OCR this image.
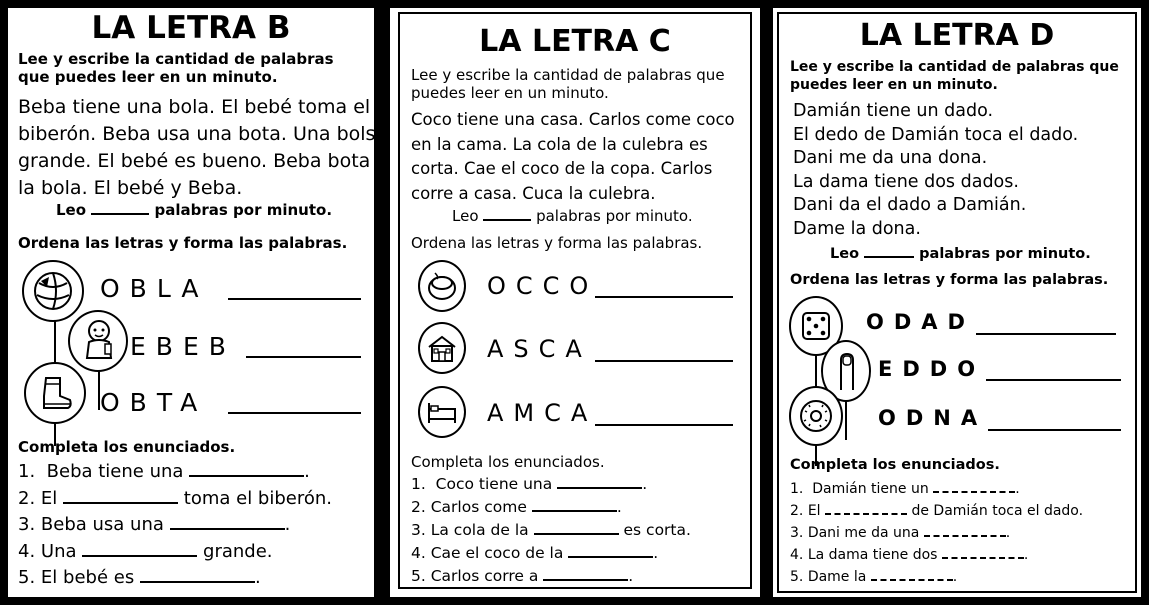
LA LETRA B
Lee y escribe la cantidad de palabras que puedes leer en un minuto.
Beba tiene una bola. El bebé toma el
biberón. Beba usa una bota. Una bolsa
grande. El bebé es bueno. Beba bota
la bola. El bebé y Beba.
Leo	palabras por minuto.
Ordena las letras y forma las palabras.
OBLA
EBEB
OBTA
Completa los enunciados.
1. Beba tiene una	.
2. El	toma el biberón.
3. Beba usa una	.
4. Una	grande.
5. El bebé es	.
LA LETRA C
Lee y escribe la cantidad de palabras que
puedes leer en un minuto.
Coco tiene una casa. Carlos come coco
en la cama. La cola de la culebra es
corta. Cae el coco de la copa. Carlos
corre a casa. Cuca la culebra.
Leo	palabras por minuto.
Ordena las letras y forma las palabras.
OCCO
ASCA
AMCA
Completa los enunciados.
1. Coco tiene una	.
2. Carlos come	.
3. La cola de la	es corta.
4. Cae el coco de la	.
5. Carlos corre a	.
LA LETRA D
Lee y escribe la cantidad de palabras que
puedes leer en un minuto.
Damián tiene un dado.
El dedo de Damián toca el dado.
Dani me da una dona.
La dama tiene dos dados.
Dani da el dado a Damián.
Dame la dona.
Leo	palabras por minuto.
Ordena las letras y forma las palabras.
ODAD
EDDO
ODNA
Completa los enunciados.
1. Damián tiene un	.
2. El	de Damián toca el dado.
3. Dani me da una	.
4. La dama tiene dos	.
5. Dame la	.
